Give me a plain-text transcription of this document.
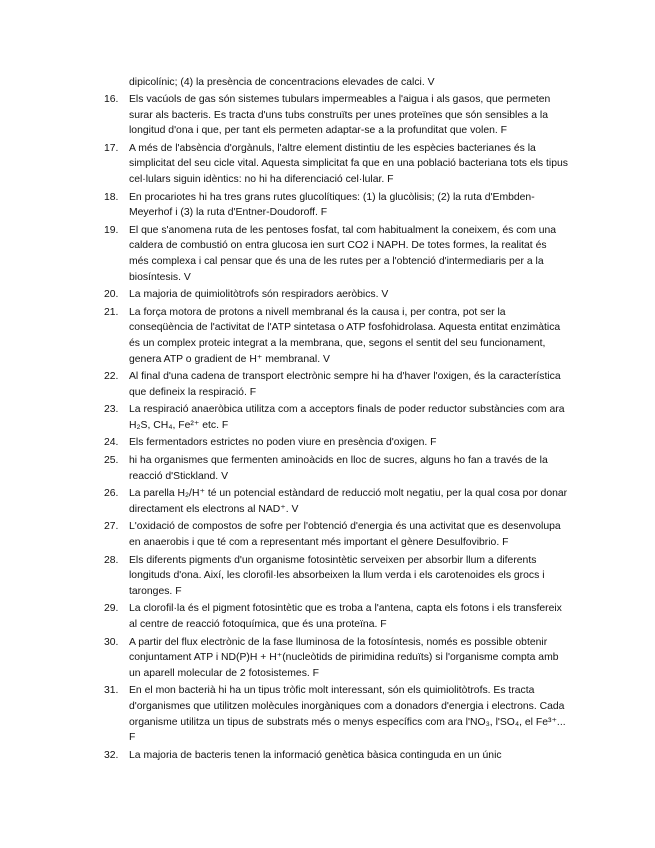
dipicolínic; (4) la presència de concentracions elevades de calci. V
16.	Els vacúols de gas són sistemes tubulars impermeables a l'aigua i als gasos, que permeten surar als bacteris. Es tracta d'uns tubs construïts per unes proteïnes que són sensibles a la longitud d'ona i que, per tant els permeten adaptar-se a la profunditat que volen. F
17.	A més de l'absència d'orgànuls, l'altre element distintiu de les espècies bacterianes és la simplicitat del seu cicle vital. Aquesta simplicitat fa que en una població bacteriana tots els tipus cel·lulars siguin idèntics: no hi ha diferenciació cel·lular. F
18.	En procariotes hi ha tres grans rutes glucolítiques: (1) la glucòlisis; (2) la ruta d'Embden-Meyerhof i (3) la ruta d'Entner-Doudoroff. F
19.	El que s'anomena ruta de les pentoses fosfat, tal com habitualment la coneixem, és com una caldera de combustió on entra glucosa ien surt CO2 i NAPH. De totes formes, la realitat és més complexa i cal pensar que és una de les rutes per a l'obtenció d'intermediaris per a la biosíntesis. V
20.	La majoria de quimiolitòtrofs són respiradors aeròbics. V
21.	La força motora de protons a nivell membranal és la causa i, per contra, pot ser la conseqüència de l'activitat de l'ATP sintetasa o ATP fosfohidrolasa. Aquesta entitat enzimàtica és un complex proteic integrat a la membrana, que, segons el sentit del seu funcionament, genera ATP o gradient de H⁺ membranal. V
22.	Al final d'una cadena de transport electrònic sempre hi ha d'haver l'oxigen, és la característica que defineix la respiració. F
23.	La respiració anaeròbica utilitza com a acceptors finals de poder reductor substàncies com ara H₂S, CH₄, Fe²⁺ etc. F
24.	Els fermentadors estrictes no poden viure en presència d'oxigen. F
25.	hi ha organismes que fermenten aminoàcids en lloc de sucres, alguns ho fan a través de la reacció d'Stickland. V
26.	La parella H₂/H⁺ té un potencial estàndard de reducció molt negatiu, per la qual cosa por donar directament els electrons al NAD⁺. V
27.	L'oxidació de compostos de sofre per l'obtenció d'energia és una activitat que es desenvolupa en anaerobis i que té com a representant més important el gènere Desulfovibrio. F
28.	Els diferents pigments d'un organisme fotosintètic serveixen per absorbir llum a diferents longituds d'ona. Així, les clorofil·les absorbeixen la llum verda i els carotenoides els grocs i taronges. F
29.	La clorofil·la és el pigment fotosintètic que es troba a l'antena, capta els fotons i els transfereix al centre de reacció fotoquímica, que és una proteïna. F
30.	A partir del flux electrònic de la fase lluminosa de la fotosíntesis, només es possible obtenir conjuntament ATP i ND(P)H + H⁺(nucleòtids de pirimidina reduïts) si l'organisme compta amb un aparell molecular de 2 fotosistemes. F
31.	En el mon bacterià hi ha un tipus tròfic molt interessant, són els quimiolitòtrofs. Es tracta d'organismes que utilitzen molècules inorgàniques com a donadors d'energia i electrons. Cada organisme utilitza un tipus de substrats més o menys específics com ara l'NO₃, l'SO₄, el Fe³⁺... F
32.	La majoria de bacteris tenen la informació genètica bàsica continguda en un únic
